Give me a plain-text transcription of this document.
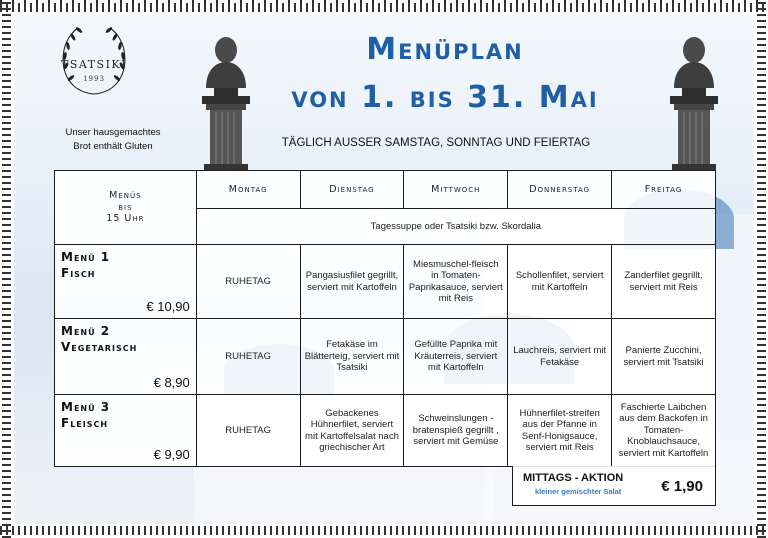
TSATSIKI
1993
Unser hausgemachtes
Brot enthält Gluten
Menüplan
von 1. bis 31. Mai
TÄGLICH AUSSER SAMSTAG, SONNTAG UND FEIERTAG
Menüs
bis
15 Uhr	Montag	Dienstag	Mittwoch	Donnerstag	Freitag
	Tagessuppe oder Tsatsiki bzw. Skordalia				

Menü 1
Fisch
€ 10,90	RUHETAG	Pangasiusfilet gegrillt, serviert mit Kartoffeln	Miesmuschel-fleisch in Tomaten-Paprikasauce, serviert mit Reis	Schollenfilet, serviert mit Kartoffeln	Zanderfilet gegrillt, serviert mit Reis

Menü 2
Vegetarisch
€ 8,90	RUHETAG	Fetakäse im Blätterteig, serviert mit Tsatsiki	Gefüllte Paprika mit Kräuterreis, serviert mit Kartoffeln	Lauchreis, serviert mit Fetakäse	Panierte Zucchini, serviert mit Tsatsiki

Menü 3
Fleisch
€ 9,90	RUHETAG	Gebackenes Hühnerfilet, serviert mit Kartoffelsalat nach griechischer Art	Schweinslungen -bratenspieß gegrillt , serviert mit Gemüse	Hühnerfilet-streifen aus der Pfanne in Senf-Honigsauce, serviert mit Reis	Faschierte Laibchen aus dem Backofen in Tomaten-Knoblauchsauce, serviert mit Kartoffeln
MITTAGS - AKTION
kleiner gemischter Salat	€ 1,90
